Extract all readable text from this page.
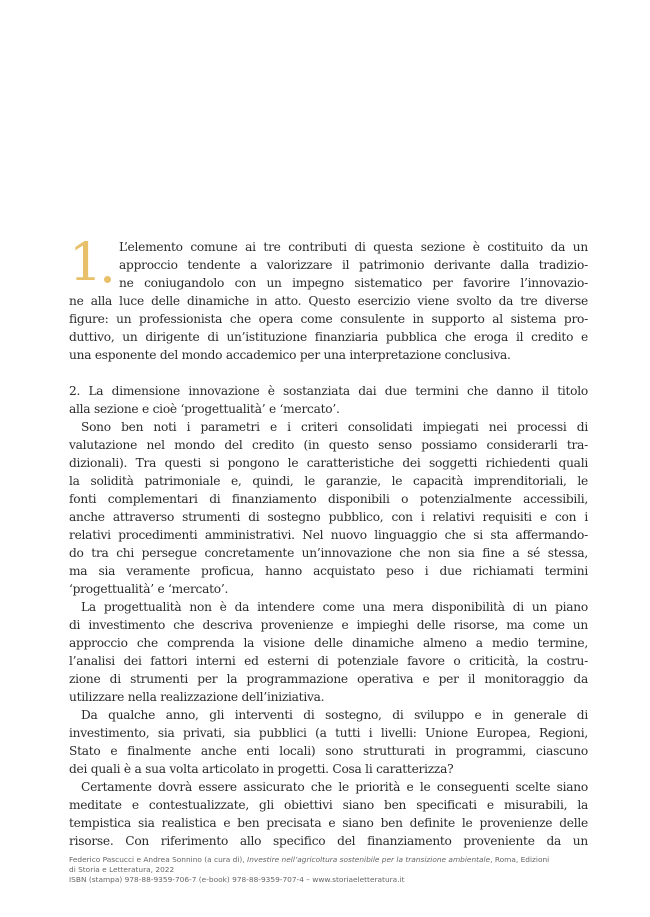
1 L’elemento comune ai tre contributi di questa sezione è costituito da un
approccio tendente a valorizzare il patrimonio derivante dalla tradizio-
ne coniugandolo con un impegno sistematico per favorire l’innovazio-
ne alla luce delle dinamiche in atto. Questo esercizio viene svolto da tre diverse
figure: un professionista che opera come consulente in supporto al sistema pro-
duttivo, un dirigente di un’istituzione finanziaria pubblica che eroga il credito e
una esponente del mondo accademico per una interpretazione conclusiva.
2. La dimensione innovazione è sostanziata dai due termini che danno il titolo
alla sezione e cioè ‘progettualità’ e ‘mercato’.
Sono ben noti i parametri e i criteri consolidati impiegati nei processi di
valutazione nel mondo del credito (in questo senso possiamo considerarli tra-
dizionali). Tra questi si pongono le caratteristiche dei soggetti richiedenti quali
la solidità patrimoniale e, quindi, le garanzie, le capacità imprenditoriali, le
fonti complementari di finanziamento disponibili o potenzialmente accessibili,
anche attraverso strumenti di sostegno pubblico, con i relativi requisiti e con i
relativi procedimenti amministrativi. Nel nuovo linguaggio che si sta affermando-
do tra chi persegue concretamente un’innovazione che non sia fine a sé stessa,
ma sia veramente proficua, hanno acquistato peso i due richiamati termini
‘progettualità’ e ‘mercato’.
La progettualità non è da intendere come una mera disponibilità di un piano
di investimento che descriva provenienze e impieghi delle risorse, ma come un
approccio che comprenda la visione delle dinamiche almeno a medio termine,
l’analisi dei fattori interni ed esterni di potenziale favore o criticità, la costru-
zione di strumenti per la programmazione operativa e per il monitoraggio da
utilizzare nella realizzazione dell’iniziativa.
Da qualche anno, gli interventi di sostegno, di sviluppo e in generale di
investimento, sia privati, sia pubblici (a tutti i livelli: Unione Europea, Regioni,
Stato e finalmente anche enti locali) sono strutturati in programmi, ciascuno
dei quali è a sua volta articolato in progetti. Cosa li caratterizza?
Certamente dovrà essere assicurato che le priorità e le conseguenti scelte siano
meditate e contestualizzate, gli obiettivi siano ben specificati e misurabili, la
tempistica sia realistica e ben precisata e siano ben definite le provenienze delle
risorse. Con riferimento allo specifico del finanziamento proveniente da un
Federico Pascucci e Andrea Sonnino (a cura di), Investire nell’agricoltura sostenibile per la transizione ambientale, Roma, Edizioni
di Storia e Letteratura, 2022
ISBN (stampa) 978-88-9359-706-7 (e-book) 978-88-9359-707-4 – www.storiaeletteratura.it
